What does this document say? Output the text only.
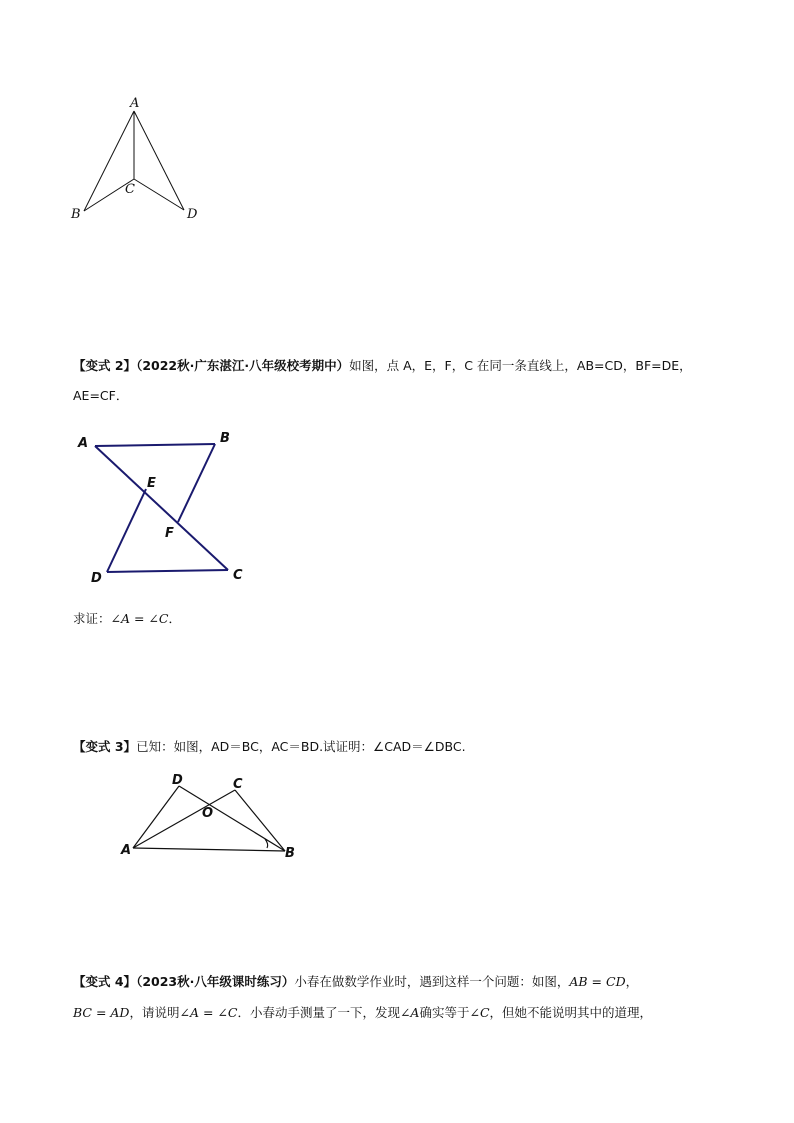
A
B
C
D
A	B
E
F
D	C
D	C
O
A	B
【变式 2】（2022秋·广东湛江·八年级校考期中）如图，点 A，E，F，C 在同一条直线上，AB=CD，BF=DE，
AE=CF．
求证：∠A = ∠C．
【变式 3】已知：如图，AD＝BC，AC＝BD.试证明：∠CAD＝∠DBC.
【变式 4】（2023秋·八年级课时练习）小春在做数学作业时，遇到这样一个问题：如图，AB = CD，
BC = AD，请说明∠A = ∠C．小春动手测量了一下，发现∠A确实等于∠C，但她不能说明其中的道理，
